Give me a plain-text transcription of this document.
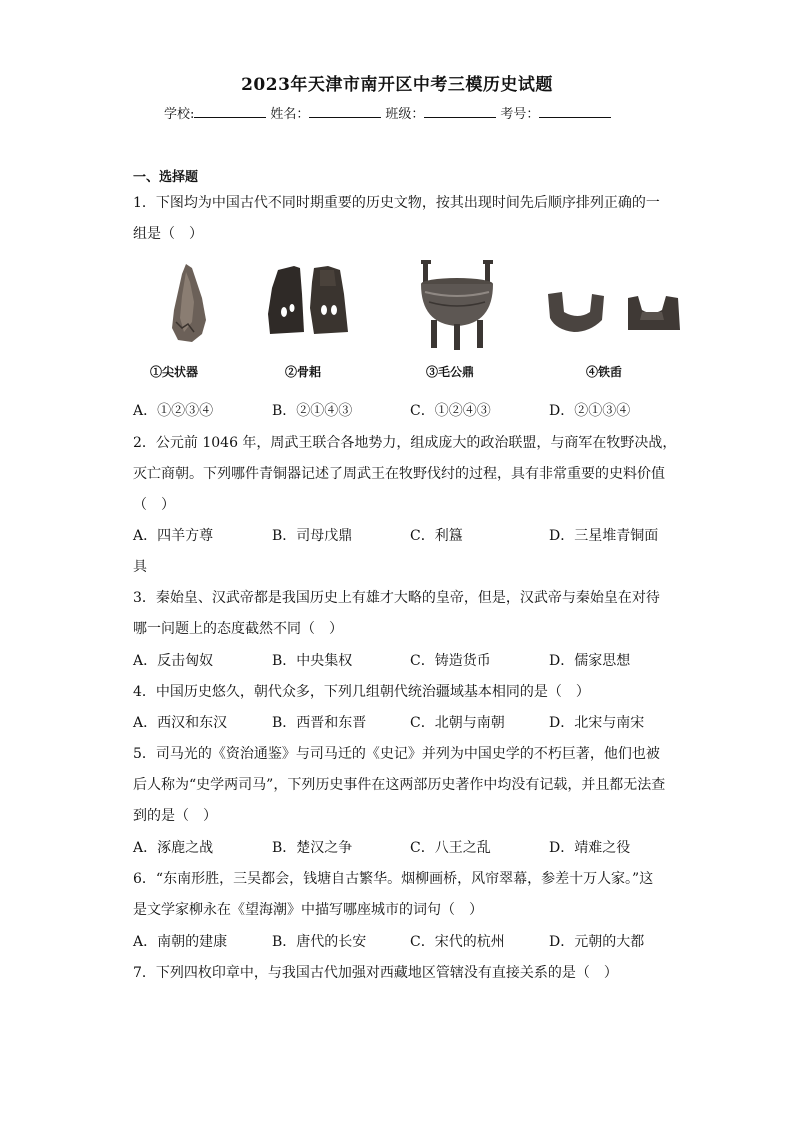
2023年天津市南开区中考三模历史试题
学校:	姓名：	班级：	考号：
一、选择题
1．下图均为中国古代不同时期重要的历史文物，按其出现时间先后顺序排列正确的一
组是（　）
①尖状器	②骨耜	③毛公鼎	④铁臿
A．①②③④	B．②①④③	C．①②④③	D．②①③④
2．公元前 1046 年，周武王联合各地势力，组成庞大的政治联盟，与商军在牧野决战，
灭亡商朝。下列哪件青铜器记述了周武王在牧野伐纣的过程，具有非常重要的史料价值
（　）
A．四羊方尊	B．司母戊鼎	C．利簋	D．三星堆青铜面
具
3．秦始皇、汉武帝都是我国历史上有雄才大略的皇帝，但是，汉武帝与秦始皇在对待
哪一问题上的态度截然不同（　）
A．反击匈奴	B．中央集权	C．铸造货币	D．儒家思想
4．中国历史悠久，朝代众多，下列几组朝代统治疆域基本相同的是（　）
A．西汉和东汉	B．西晋和东晋	C．北朝与南朝	D．北宋与南宋
5．司马光的《资治通鉴》与司马迁的《史记》并列为中国史学的不朽巨著，他们也被
后人称为“史学两司马”，下列历史事件在这两部历史著作中均没有记载，并且都无法查
到的是（　）
A．涿鹿之战	B．楚汉之争	C．八王之乱	D．靖难之役
6．“东南形胜，三吴都会，钱塘自古繁华。烟柳画桥，风帘翠幕，参差十万人家。”这
是文学家柳永在《望海潮》中描写哪座城市的词句（　）
A．南朝的建康	B．唐代的长安	C．宋代的杭州	D．元朝的大都
7．下列四枚印章中，与我国古代加强对西藏地区管辖没有直接关系的是（　）
